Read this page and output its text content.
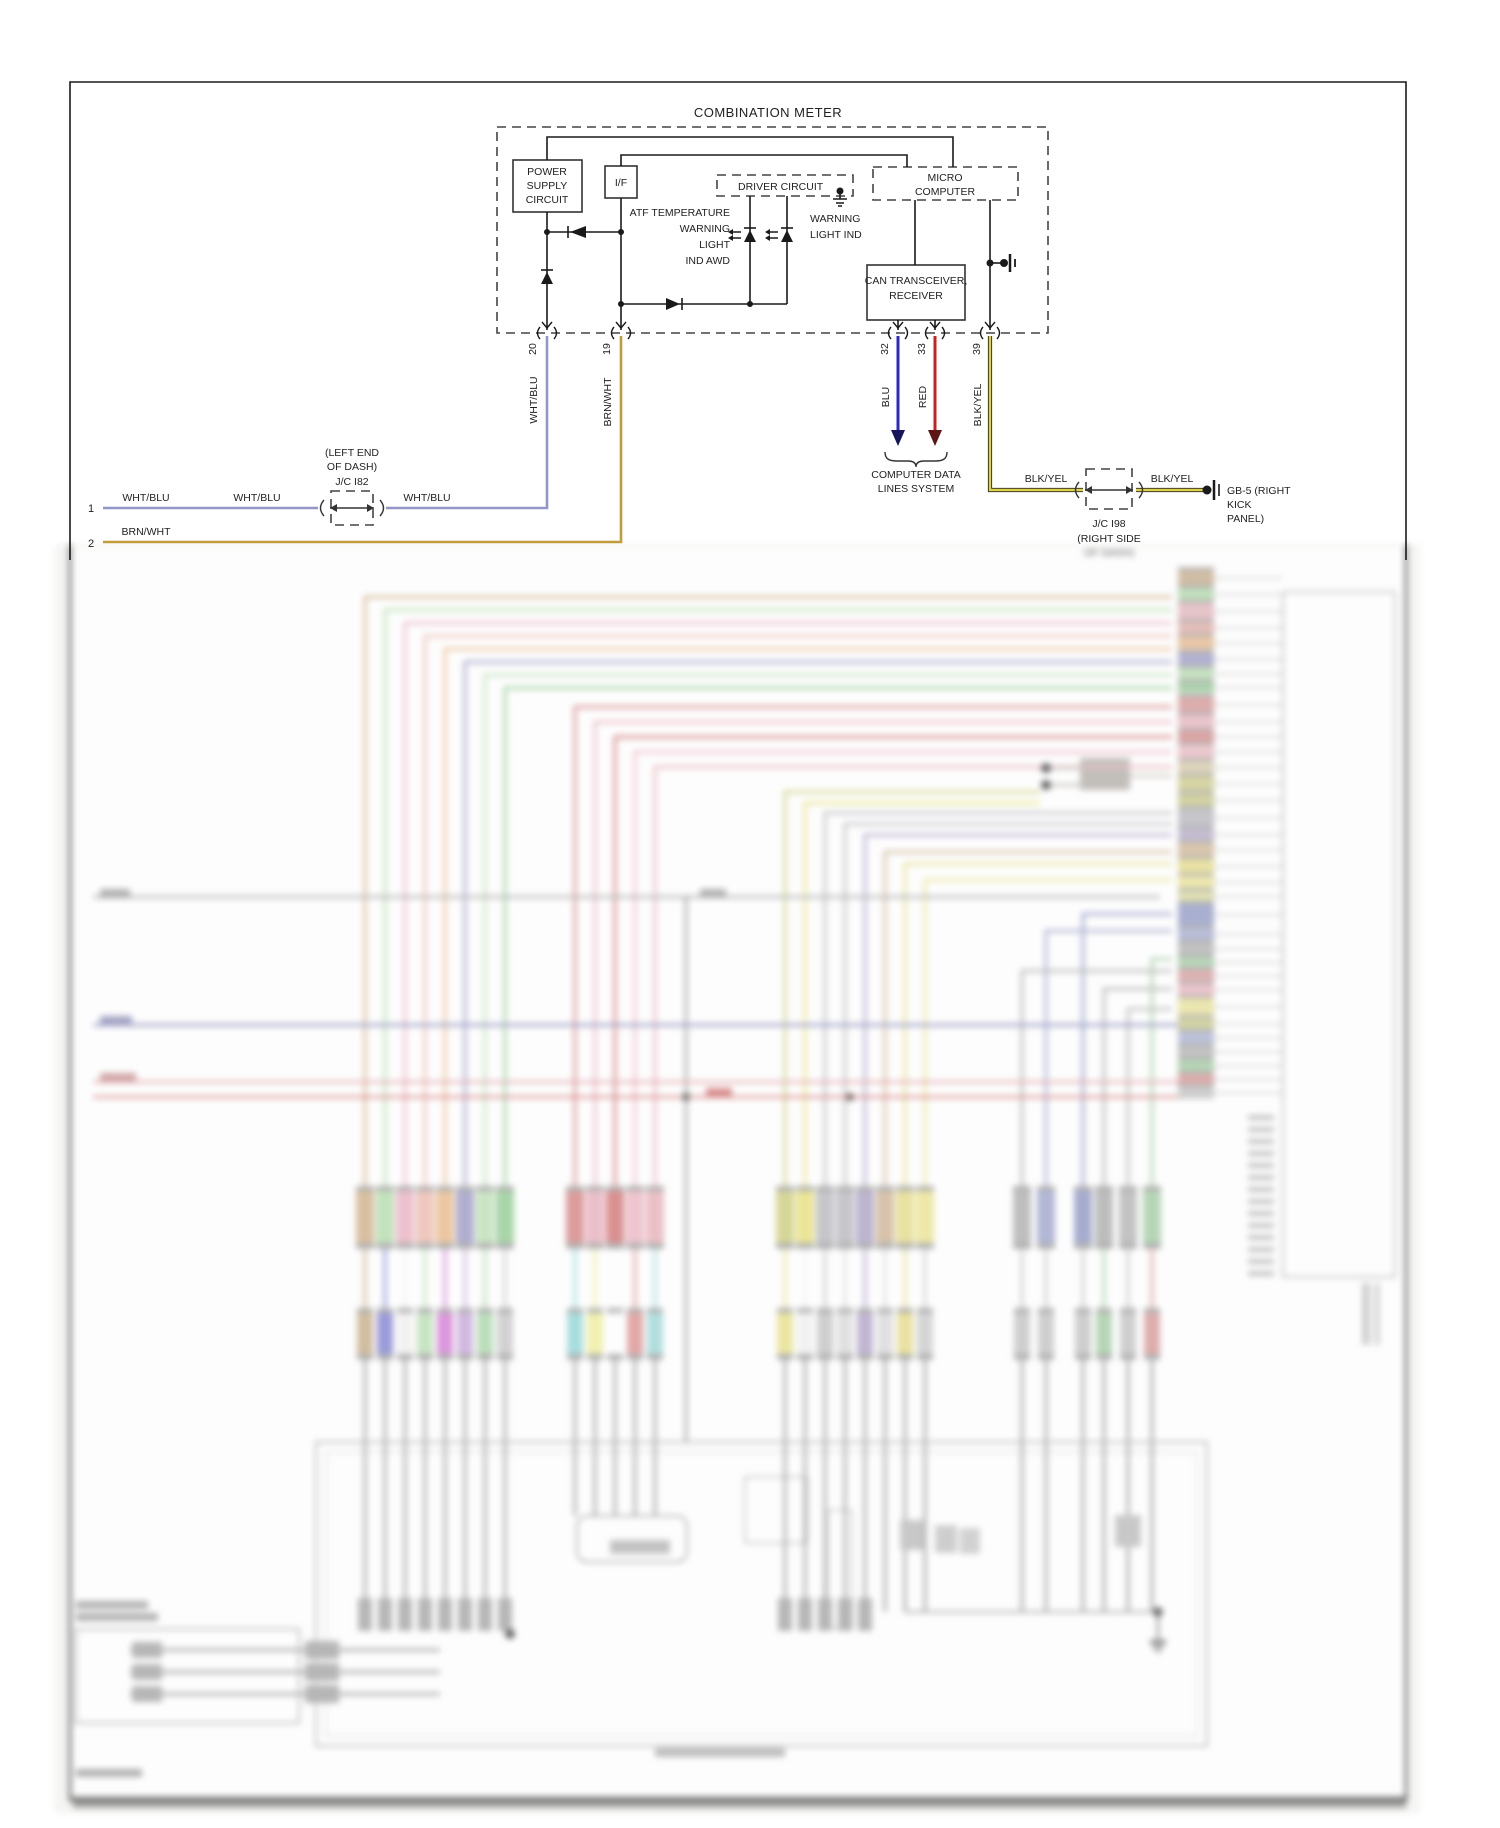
OF DASH)
COMBINATION METER
POWER
SUPPLY
CIRCUIT
I/F	DRIVER CIRCUIT
MICRO
COMPUTER
CAN TRANSCEIVER,
RECEIVER
ATF TEMPERATURE
WARNING
LIGHT
IND AWD
WARNING
LIGHT IND
20	19	32 33	39
WHT/BLU	BRN/WHT	BLU RED	BLK/YEL
COMPUTER DATA
LINES SYSTEM
(LEFT END
OF DASH)
J/C I82
1
2
WHT/BLU	WHT/BLU	WHT/BLU
BRN/WHT
BLK/YEL	BLK/YEL
J/C I98
(RIGHT SIDE
GB-5 (RIGHT
KICK
PANEL)
